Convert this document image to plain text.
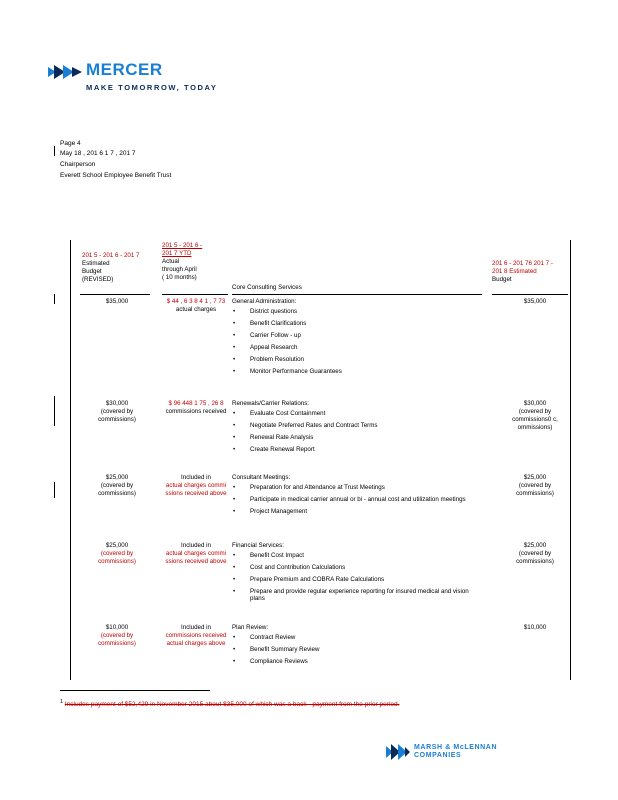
MERCER
MAKE TOMORROW, TODAY
Page 4
May 18 , 201 6 1 7 , 201 7
Chairperson
Everett School Employee Benefit Trust
201 5 - 201 6 - 201 7
Estimated
Budget
(REVISED)
201 5 - 201 6 -
201 7 YTD
Actual
through April
( 10 months)
Core Consulting Services
201 6 - 201 76 201 7 -
201 8 Estimated
Budget
$35,000	$ 44 , 6 3 8 4 1 , 7 73
actual charges
General Administration:
• District questions
• Benefit Clarifications
• Carrier Follow - up
• Appeal Research
• Problem Resolution
• Monitor Performance Guarantees
$35,000
$30,000
(covered by commissions)
$ 96 448 1 75 , 26 8
commissions received
Renewals/Carrier Relations:
• Evaluate Cost Containment
• Negotiate Preferred Rates and Contract Terms
• Renewal Rate Analysis
• Create Renewal Report
$30,000
(covered by commissions0 c, ommissions)
$25,000
(covered by commissions)
Included in
actual charges commi ssions received above
Consultant Meetings:
• Preparation for and Attendance at Trust Meetings
• Participate in medical carrier annual or bi - annual cost and utilization meetings
• Project Management
$25,000
(covered by commissions)
$25,000
(covered by commissions)
Included in
actual charges commi ssions received above
Financial Services:
• Benefit Cost Impact
• Cost and Contribution Calculations
• Prepare Premium and COBRA Rate Calculations
• Prepare and provide regular experience reporting for insured medical and vision plans
$25,000
(covered by commissions)
$10,000
(covered by commissions)
Included in
commissions received actual charges above
Plan Review:
• Contract Review
• Benefit Summary Review
• Compliance Reviews
$10,000
$^1$ Includes payment of $52,429 in November 2015 about $35,000 of which was a back - payment from the prior period.
MARSH & McLENNAN
COMPANIES
